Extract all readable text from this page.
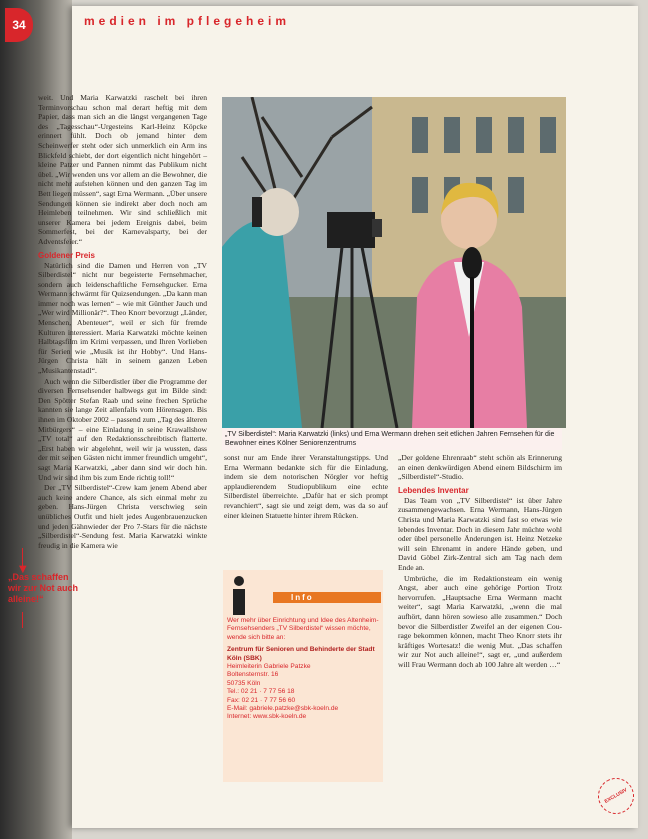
34	medien im pflegeheim

weit. Und Maria Karwatzki raschelt bei ihren Terminvorschau schon mal derart heftig mit dem Papier, dass man sich an die längst vergangenen Tage des „Tagesschau“-Urgesteins Karl-Heinz Köpcke erinnert fühlt. Doch ob jemand hinter dem Scheinwerfer steht oder sich unmerklich ein Arm ins Blickfeld schiebt, der dort eigentlich nicht hingehört – kleine Patzer und Pannen nimmt das Publikum nicht übel. „Wir wenden uns vor allem an die Bewohner, die nicht mehr aufstehen können und den ganzen Tag im Bett liegen müssen“, sagt Erna Wermann. „Über unsere Sendungen können sie indirekt aber doch noch am Heimleben teilnehmen. Wir sind schließlich mit unserer Kamera bei jedem Ereignis dabei, beim Sommerfest, bei der Karnevalsparty, bei der Adventsfeier.“

Goldener Preis

Natürlich sind die Damen und Herren von „TV Silberdistel“ nicht nur begeisterte Fernsehmacher, sondern auch leidenschaftliche Fernsehgucker. Erna Wermann schwärmt für Quizsendungen. „Da kann man immer noch was lernen“ – wie mit Günther Jauch und „Wer wird Millionär?“. Theo Knorr bevorzugt „Länder, Menschen, Abenteuer“, weil er sich für fremde Kulturen interessiert. Maria Karwatzki möchte keinen Halbtagsfilm im Krimi verpassen, und Ihren Vorlieben für Serien wie „Musik ist ihr Hobby“. Und Hans-Jürgen Christa hält in seinem ganzen Leben „Musikantenstadl“.

Auch wenn die Silberdistler über die Programme der diversen Fernsehsender halbwegs gut im Bilde sind: Den Spötter Stefan Raab und seine frechen Sprüche kannten sie lange Zeit allenfalls vom Hörensagen. Bis ihnen im Oktober 2002 – passend zum „Tag des älteren Mitbürgers“ – eine Einladung in seine Krawallshow „TV total“ auf den Redaktionsschreibtisch flatterte. „Erst haben wir abgelehnt, weil wir ja wussten, dass der mit seinen Gästen nicht immer freundlich umgeht“, sagt Maria Karwatzki, „aber dann sind wir doch hin. Und wir sind ihm bis zum Ende richtig toll!“

Der „TV Silberdistel“-Crew kam jenem Abend aber auch keine andere Chance, als sich einmal mehr zu geben. Hans-Jürgen Christa verschwieg sein unübliches Outfit und hielt jedes Augenbrauenzucken und jeden Gähnwieder der Pro 7-Stars für die nächste „Silberdistel“-Sendung fest. Maria Karwatzki winkte freudig in die Kamera wie

▼
„Das schaffen wir zur Not auch alleine!“
„TV Silberdistel“: Maria Karwatzki (links) und Erna Wermann drehen seit etlichen Jahren Fernsehen für die Bewohner eines Kölner Seniorenzentrums

sonst nur am Ende ihrer Veranstaltungstipps. Und Erna Wermann bedankte sich für die Einladung, indem sie dem notorischen Nörgler vor heftig applaudierendem Studiopublikum eine echte Silberdistel überreichte. „Dafür hat er sich prompt revanchiert“, sagt sie und zeigt dem, was da so auf einer kleinen Statuette hinter ihrem Rücken.

„Der goldene Ehrenraab“ steht schön als Erinnerung an einen denkwürdigen Abend einem Bildschirm im „Silberdistel“-Studio.

Lebendes Inventar

Das Team von „TV Silberdistel“ ist über Jahre zusammengewachsen. Erna Wermann, Hans-Jürgen Christa und Maria Karwatzki sind fast so etwas wie lebendes Inventar. Doch in diesem Jahr müchte wohl oder übel personelle Änderungen ist. Heinz Netzeke will sein Ehrenamt in andere Hände geben, und David Göbel Zirk-Zentral sich am Tag nach dem Ende an.

Umbrüche, die im Redaktionsteam ein wenig Angst, aber auch eine gehörige Portion Trotz hervorrufen. „Hauptsache Erna Wermann macht weiter“, sagt Maria Karwatzki, „wenn die mal aufhört, dann hören sowieso alle zusammen.“ Doch bevor die Silberdistler Zweifel an der eigenen Courage bekommen können, macht Theo Knorr stets ihr kräftiges Wortesatz! die wenig Mut. „Das schaffen wir zur Not auch alleine!“, sagt er, „und außerdem will Frau Wermann doch ab 100 Jahre alt werden …“

Info
Wer mehr über Einrichtung und Idee des Altenheim-Fernsehsenders „TV Silberdistel“ wissen möchte, wende sich bitte an:
Zentrum für Senioren und Behinderte der Stadt Köln (SBK)
Heimleiterin Gabriele Patzke
Boltensternstr. 16
50735 Köln
Tel.: 02 21 · 7 77 56 18
Fax: 02 21 · 7 77 56 60
E-Mail: gabriele.patzke@sbk-koeln.de
Internet: www.sbk-koeln.de
EXCLUSIV
